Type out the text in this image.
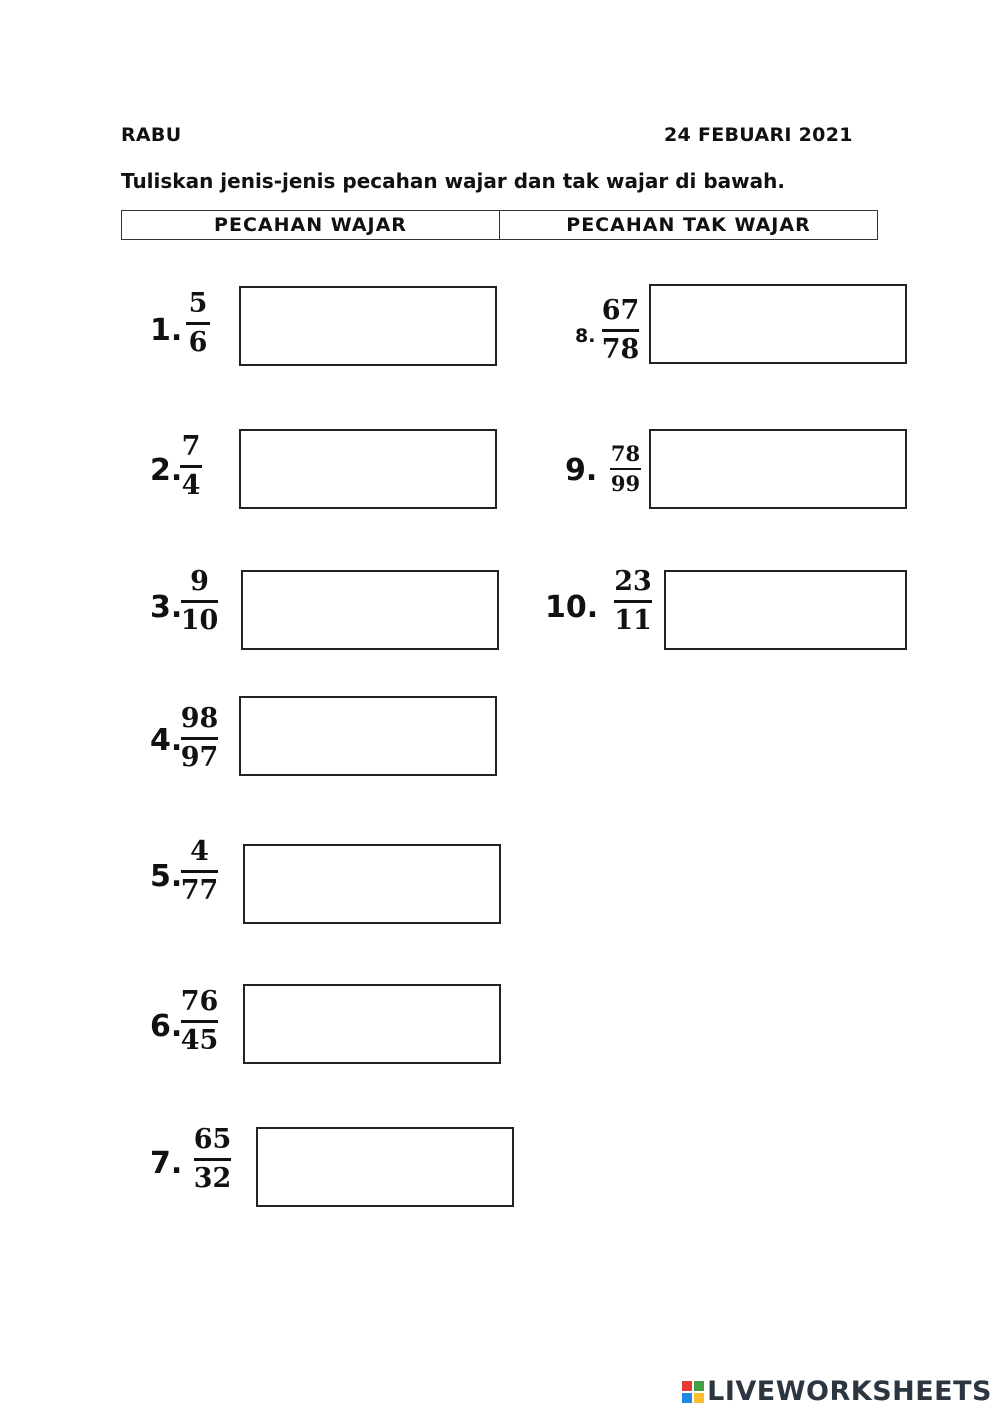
RABU	24 FEBUARI 2021
Tuliskan jenis-jenis pecahan wajar dan tak wajar di bawah.
PECAHAN WAJAR	PECAHAN TAK WAJAR
1.
5
6
2.
7
4
3.
9
10
4.
98
97
5.
4
77
6.
76
45
7.
65
32
8.
67
78
9. 78
99
10.
23
11
LIVEWORKSHEETS
